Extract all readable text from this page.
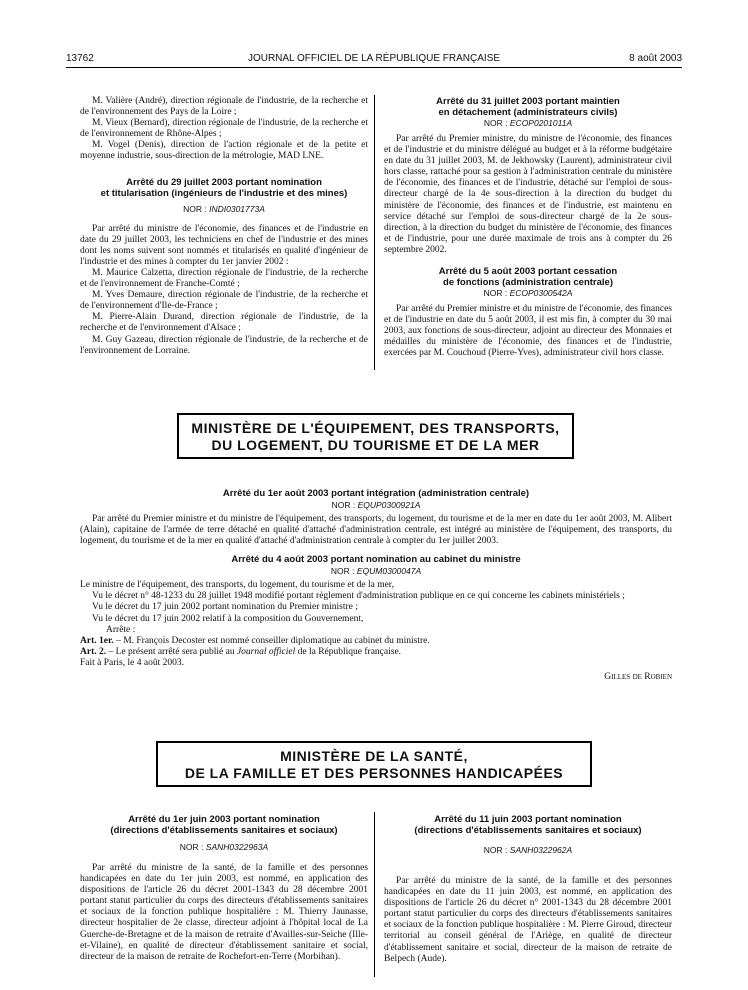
13762	JOURNAL OFFICIEL DE LA RÉPUBLIQUE FRANÇAISE	8 août 2003

M. Valière (André), direction régionale de l'industrie, de la recherche et de l'environnement des Pays de la Loire ;

M. Vieux (Bernard), direction régionale de l'industrie, de la recherche et de l'environnement de Rhône-Alpes ;

M. Vogel (Denis), direction de l'action régionale et de la petite et moyenne industrie, sous-direction de la métrologie, MAD LNE.

Arrêté du 29 juillet 2003 portant nomination
et titularisation (ingénieurs de l'industrie et des mines)
NOR : INDI0301773A

Par arrêté du ministre de l'économie, des finances et de l'industrie en date du 29 juillet 2003, les techniciens en chef de l'industrie et des mines dont les noms suivent sont nommés et titularisés en qualité d'ingénieur de l'industrie et des mines à compter du 1er janvier 2002 :

M. Maurice Calzetta, direction régionale de l'industrie, de la recherche et de l'environnement de Franche-Comté ;

M. Yves Demaure, direction régionale de l'industrie, de la recherche et de l'environnement d'Ile-de-France ;

M. Pierre-Alain Durand, direction régionale de l'industrie, de la recherche et de l'environnement d'Alsace ;

M. Guy Gazeau, direction régionale de l'industrie, de la recherche et de l'environnement de Lorraine.

Arrêté du 31 juillet 2003 portant maintien
en détachement (administrateurs civils)
NOR : ECOP0201011A

Par arrêté du Premier ministre, du ministre de l'économie, des finances et de l'industrie et du ministre délégué au budget et à la réforme budgétaire en date du 31 juillet 2003, M. de Jekhowsky (Laurent), administrateur civil hors classe, rattaché pour sa gestion à l'administration centrale du ministère de l'économie, des finances et de l'industrie, détaché sur l'emploi de sous-directeur chargé de la 4e sous-direction à la direction du budget du ministère de l'économie, des finances et de l'industrie, est maintenu en service détaché sur l'emploi de sous-directeur chargé de la 2e sous-direction, à la direction du budget du ministère de l'économie, des finances et de l'industrie, pour une durée maximale de trois ans à compter du 26 septembre 2002.

Arrêté du 5 août 2003 portant cessation
de fonctions (administration centrale)
NOR : ECOP0300542A

Par arrêté du Premier ministre et du ministre de l'économie, des finances et de l'industrie en date du 5 août 2003, il est mis fin, à compter du 30 mai 2003, aux fonctions de sous-directeur, adjoint au directeur des Monnaies et médailles du ministère de l'économie, des finances et de l'industrie, exercées par M. Couchoud (Pierre-Yves), administrateur civil hors classe.

MINISTÈRE DE L'ÉQUIPEMENT, DES TRANSPORTS,
DU LOGEMENT, DU TOURISME ET DE LA MER
Arrêté du 1er août 2003 portant intégration (administration centrale)
NOR : EQUP0300921A

Par arrêté du Premier ministre et du ministre de l'équipement, des transports, du logement, du tourisme et de la mer en date du 1er août 2003, M. Alibert (Alain), capitaine de l'armée de terre détaché en qualité d'attaché d'administration centrale, est intégré au ministère de l'équipement, des transports, du logement, du tourisme et de la mer en qualité d'attaché d'administration centrale à compter du 1er juillet 2003.

Arrêté du 4 août 2003 portant nomination au cabinet du ministre
NOR : EQUM0300047A

Le ministre de l'équipement, des transports, du logement, du tourisme et de la mer,

Vu le décret n° 48-1233 du 28 juillet 1948 modifié portant règlement d'administration publique en ce qui concerne les cabinets ministériels ;

Vu le décret du 17 juin 2002 portant nomination du Premier ministre ;

Vu le décret du 17 juin 2002 relatif à la composition du Gouvernement,

Arrête :

Art. 1er. – M. François Decoster est nommé conseiller diplomatique au cabinet du ministre.

Art. 2. – Le présent arrêté sera publié au Journal officiel de la République française.

Fait à Paris, le 4 août 2003.

Gilles de Robien
MINISTÈRE DE LA SANTÉ,
DE LA FAMILLE ET DES PERSONNES HANDICAPÉES
Arrêté du 1er juin 2003 portant nomination
(directions d'établissements sanitaires et sociaux)
NOR : SANH0322963A

Par arrêté du ministre de la santé, de la famille et des personnes handicapées en date du 1er juin 2003, est nommé, en application des dispositions de l'article 26 du décret 2001-1343 du 28 décembre 2001 portant statut particulier du corps des directeurs d'établissements sanitaires et sociaux de la fonction publique hospitalière : M. Thierry Jaunasse, directeur hospitalier de 2e classe, directeur adjoint à l'hôpital local de La Guerche-de-Bretagne et de la maison de retraite d'Availles-sur-Seiche (Ille-et-Vilaine), en qualité de directeur d'établissement sanitaire et social, directeur de la maison de retraite de Rochefort-en-Terre (Morbihan).

Arrêté du 11 juin 2003 portant nomination
(directions d'établissements sanitaires et sociaux)
NOR : SANH0322962A

Par arrêté du ministre de la santé, de la famille et des personnes handicapées en date du 11 juin 2003, est nommé, en application des dispositions de l'article 26 du décret n° 2001-1343 du 28 décembre 2001 portant statut particulier du corps des directeurs d'établissements sanitaires et sociaux de la fonction publique hospitalière : M. Pierre Giroud, directeur territorial au conseil général de l'Ariège, en qualité de directeur d'établissement sanitaire et social, directeur de la maison de retraite de Belpech (Aude).
